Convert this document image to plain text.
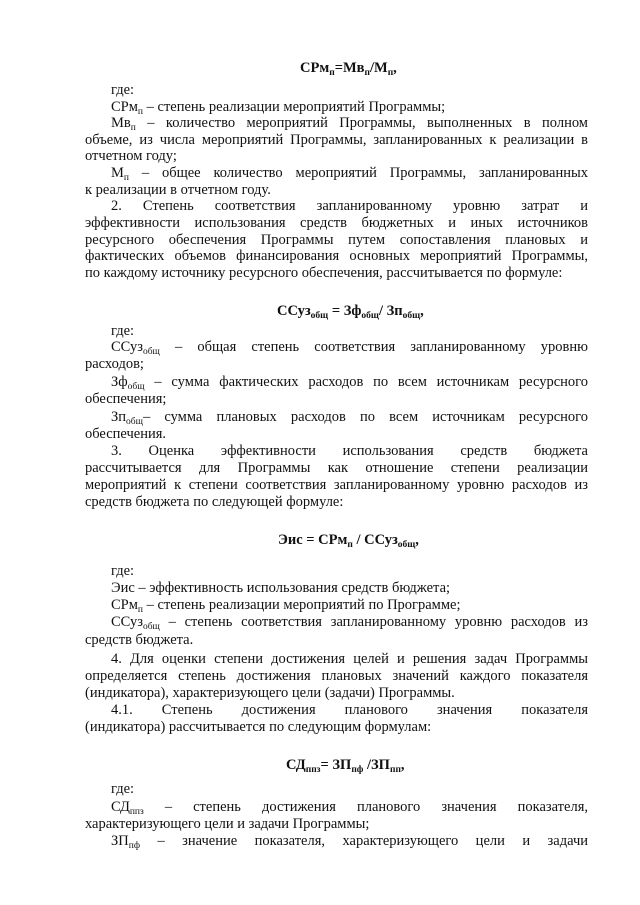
$СРм_п=Мв_п/М_п$,
где:
СРм$_п$ – степень реализации мероприятий Программы;
$Мв_п$ – количество мероприятий Программы, выполненных в полном
объеме, из числа мероприятий Программы, запланированных к реализации в
отчетном году;
$М_п$ – общее количество мероприятий Программы, запланированных
к реализации в отчетном году.
2. Степень соответствия запланированному уровню затрат и
эффективности использования средств бюджетных и иных источников
ресурсного обеспечения Программы путем сопоставления плановых и
фактических объемов финансирования основных мероприятий Программы,
по каждому источнику ресурсного обеспечения, рассчитывается по формуле:
ССуз$_{общ}$ = $Зф_{общ}/$ $Зп_{общ}$,
где:
ССуз$_{общ}$ – общая степень соответствия запланированному уровню
расходов;
$Зф_{общ}$ – сумма фактических расходов по всем источникам ресурсного
обеспечения;
$Зп_{общ}-$ сумма плановых расходов по всем источникам ресурсного
обеспечения.
3. Оценка эффективности использования средств бюджета
рассчитывается для Программы как отношение степени реализации
мероприятий к степени соответствия запланированному уровню расходов из
средств бюджета по следующей формуле:
Эис = СРм$_п$ / ССуз$_{общ}$,
где:
Эис – эффективность использования средств бюджета;
СРм$_п$ – степень реализации мероприятий по Программе;
ССуз$_{общ}$ – степень соответствия запланированному уровню расходов из
средств бюджета.
4. Для оценки степени достижения целей и решения задач Программы
определяется степень достижения плановых значений каждого показателя
(индикатора), характеризующего цели (задачи) Программы.
4.1. Степень достижения планового значения показателя
(индикатора) рассчитывается по следующим формулам:
$СД_{ппз}= ЗП_{пф}$ $/ЗП_{пп}$,
где:
$СД_{ппз}$ – степень достижения планового значения показателя,
характеризующего цели и задачи Программы;
$ЗП_{пф}$ – значение показателя, характеризующего цели и задачи
